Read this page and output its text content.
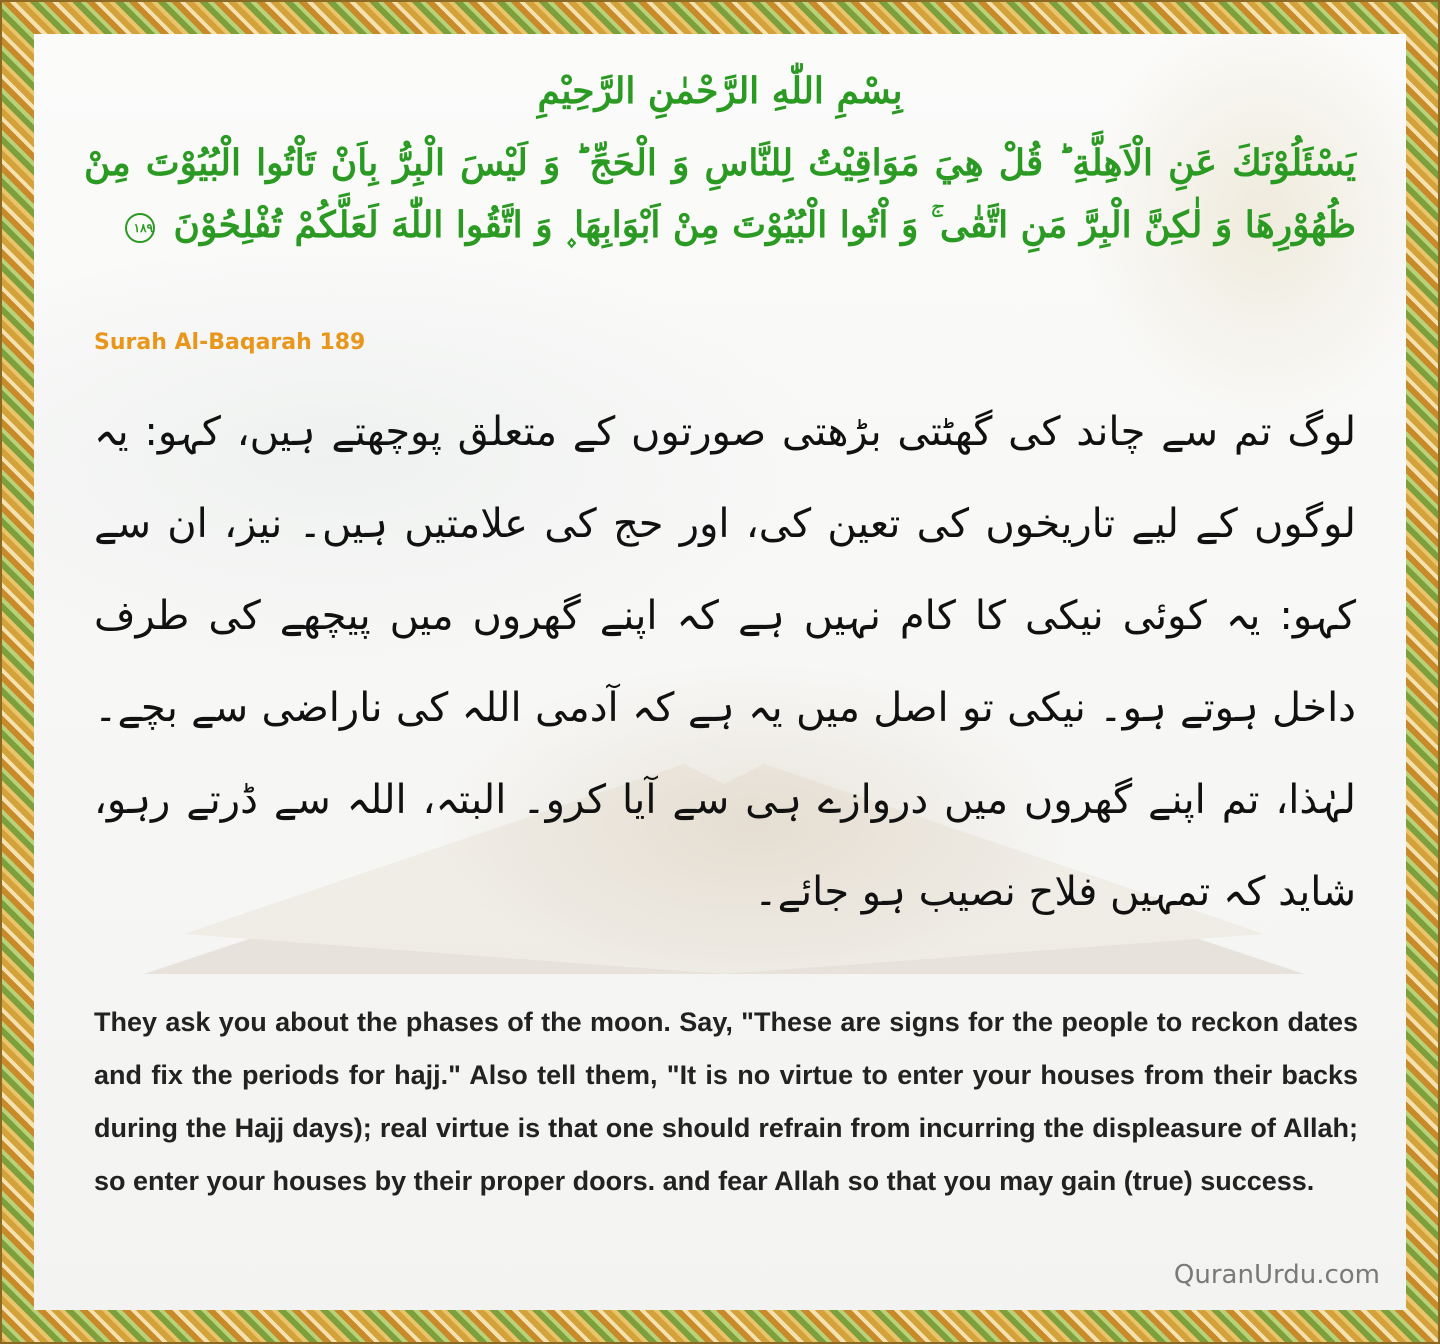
بِسْمِ اللّٰهِ الرَّحْمٰنِ الرَّحِيْمِ

يَسْئَلُوْنَكَ عَنِ الْاَهِلَّةِ ؕ قُلْ هِيَ مَوَاقِيْتُ لِلنَّاسِ وَ الْحَجِّ ؕ وَ لَيْسَ الْبِرُّ بِاَنْ تَاْتُوا الْبُيُوْتَ مِنْ ظُهُوْرِهَا وَ لٰكِنَّ الْبِرَّ مَنِ اتَّقٰى ۚ وَ اْتُوا الْبُيُوْتَ مِنْ اَبْوَابِهَا ۪ وَ اتَّقُوا اللّٰهَ لَعَلَّكُمْ تُفْلِحُوْنَ ١٨٩

Surah Al-Baqarah 189

لوگ تم سے چاند کی گھٹتی بڑھتی صورتوں کے متعلق پوچھتے ہیں، کہو: یہ لوگوں کے لیے تاریخوں کی تعین کی، اور حج کی علامتیں ہیں۔ نیز، ان سے کہو: یہ کوئی نیکی کا کام نہیں ہے کہ اپنے گھروں میں پیچھے کی طرف داخل ہوتے ہو۔ نیکی تو اصل میں یہ ہے کہ آدمی اللہ کی ناراضی سے بچے۔ لہٰذا، تم اپنے گھروں میں دروازے ہی سے آیا کرو۔ البتہ، اللہ سے ڈرتے رہو، شاید کہ تمہیں فلاح نصیب ہو جائے۔

They ask you about the phases of the moon. Say, "These are signs for the people to reckon dates and fix the periods for hajj." Also tell them, "It is no virtue to enter your houses from their backs during the Hajj days); real virtue is that one should refrain from incurring the displeasure of Allah; so enter your houses by their proper doors. and fear Allah so that you may gain (true) success.

QuranUrdu.com
